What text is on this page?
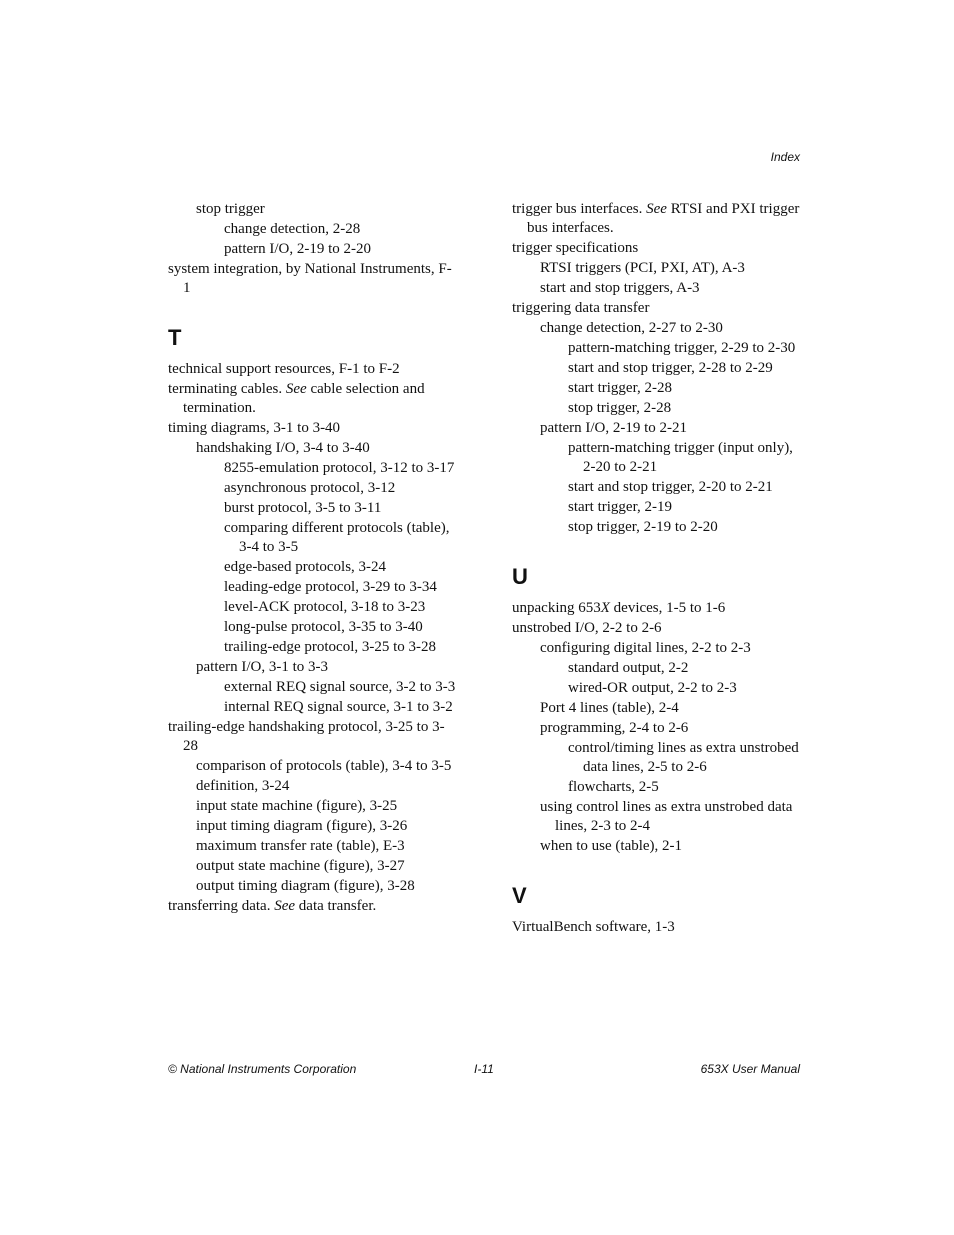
Index
stop trigger
change detection, 2-28
pattern I/O, 2-19 to 2-20
system integration, by National Instruments, F-1
T
technical support resources, F-1 to F-2
terminating cables. See cable selection and termination.
timing diagrams, 3-1 to 3-40
handshaking I/O, 3-4 to 3-40
8255-emulation protocol, 3-12 to 3-17
asynchronous protocol, 3-12
burst protocol, 3-5 to 3-11
comparing different protocols (table), 3-4 to 3-5
edge-based protocols, 3-24
leading-edge protocol, 3-29 to 3-34
level-ACK protocol, 3-18 to 3-23
long-pulse protocol, 3-35 to 3-40
trailing-edge protocol, 3-25 to 3-28
pattern I/O, 3-1 to 3-3
external REQ signal source, 3-2 to 3-3
internal REQ signal source, 3-1 to 3-2
trailing-edge handshaking protocol, 3-25 to 3-28
comparison of protocols (table), 3-4 to 3-5
definition, 3-24
input state machine (figure), 3-25
input timing diagram (figure), 3-26
maximum transfer rate (table), E-3
output state machine (figure), 3-27
output timing diagram (figure), 3-28
transferring data. See data transfer.
trigger bus interfaces. See RTSI and PXI trigger bus interfaces.
trigger specifications
RTSI triggers (PCI, PXI, AT), A-3
start and stop triggers, A-3
triggering data transfer
change detection, 2-27 to 2-30
pattern-matching trigger, 2-29 to 2-30
start and stop trigger, 2-28 to 2-29
start trigger, 2-28
stop trigger, 2-28
pattern I/O, 2-19 to 2-21
pattern-matching trigger (input only), 2-20 to 2-21
start and stop trigger, 2-20 to 2-21
start trigger, 2-19
stop trigger, 2-19 to 2-20
U
unpacking 653X devices, 1-5 to 1-6
unstrobed I/O, 2-2 to 2-6
configuring digital lines, 2-2 to 2-3
standard output, 2-2
wired-OR output, 2-2 to 2-3
Port 4 lines (table), 2-4
programming, 2-4 to 2-6
control/timing lines as extra unstrobed data lines, 2-5 to 2-6
flowcharts, 2-5
using control lines as extra unstrobed data lines, 2-3 to 2-4
when to use (table), 2-1
V
VirtualBench software, 1-3
© National Instruments Corporation	I-11	653X User Manual
